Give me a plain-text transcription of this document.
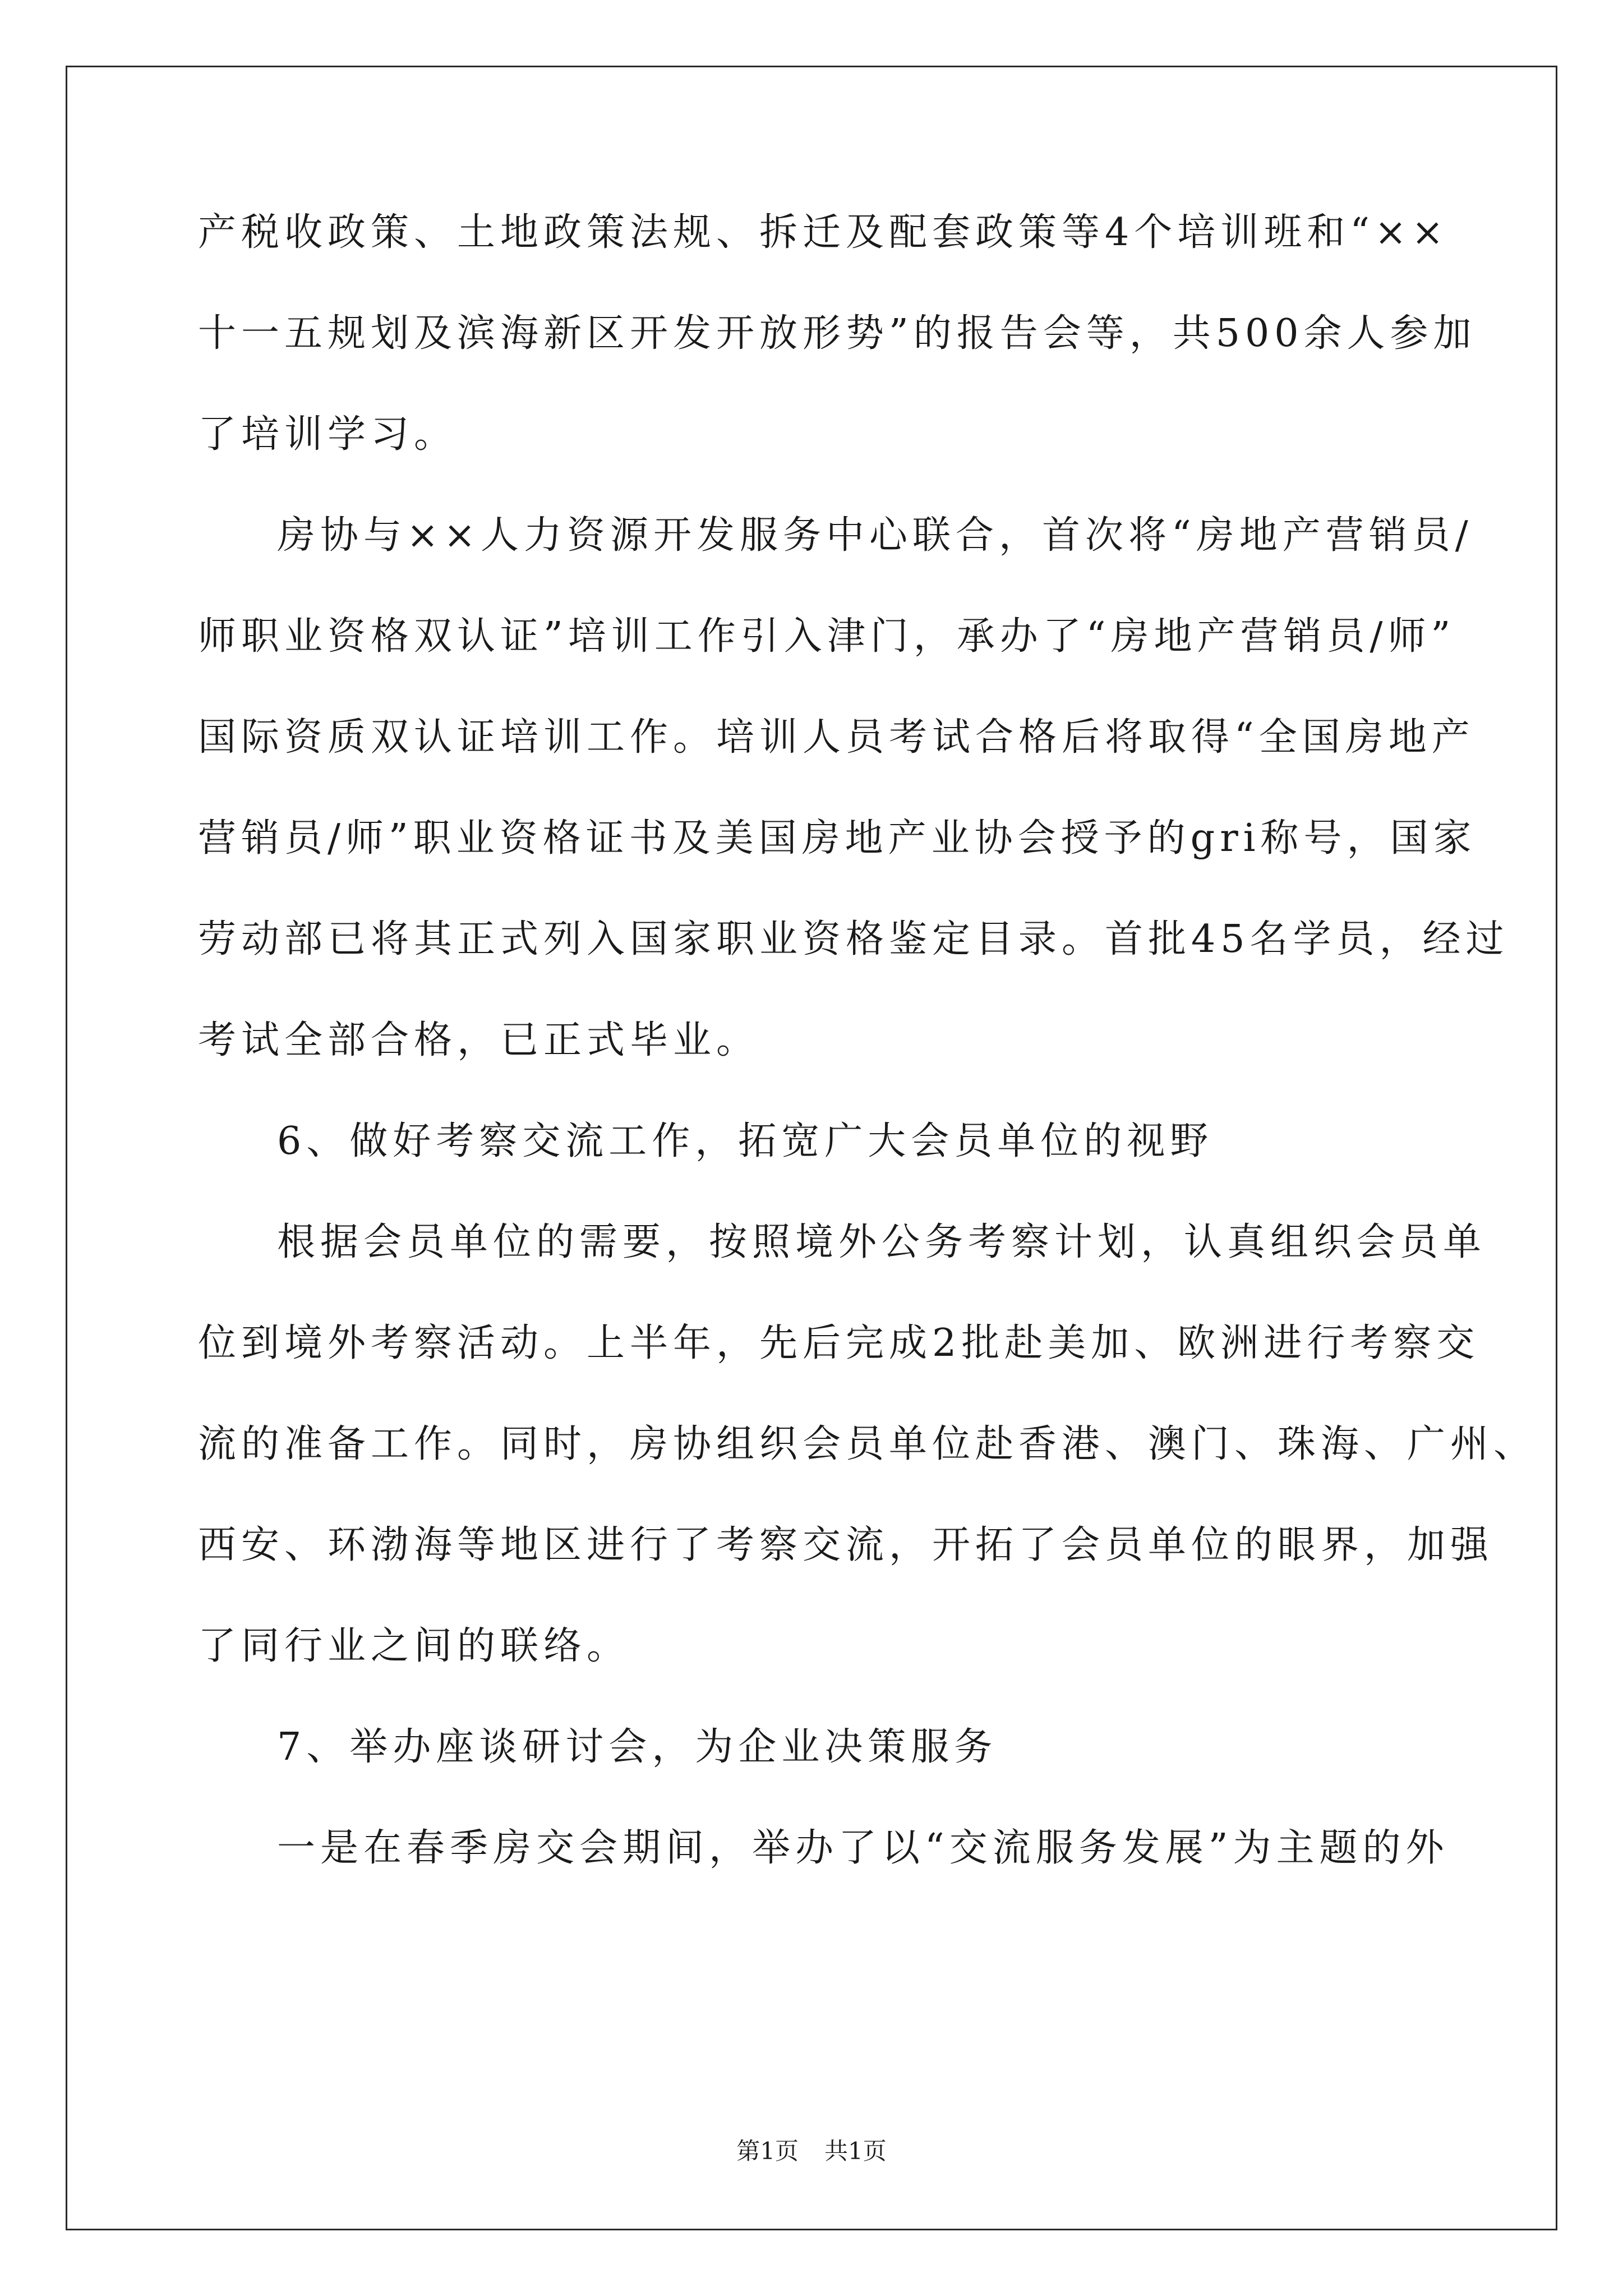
产税收政策、土地政策法规、拆迁及配套政策等4个培训班和“××
十一五规划及滨海新区开发开放形势”的报告会等，共500余人参加
了培训学习。
房协与××人力资源开发服务中心联合，首次将“房地产营销员/
师职业资格双认证”培训工作引入津门，承办了“房地产营销员/师”
国际资质双认证培训工作。培训人员考试合格后将取得“全国房地产
营销员/师”职业资格证书及美国房地产业协会授予的gri称号，国家
劳动部已将其正式列入国家职业资格鉴定目录。首批45名学员，经过
考试全部合格，已正式毕业。
6、做好考察交流工作，拓宽广大会员单位的视野
根据会员单位的需要，按照境外公务考察计划，认真组织会员单
位到境外考察活动。上半年，先后完成2批赴美加、欧洲进行考察交
流的准备工作。同时，房协组织会员单位赴香港、澳门、珠海、广州、
西安、环渤海等地区进行了考察交流，开拓了会员单位的眼界，加强
了同行业之间的联络。
7、举办座谈研讨会，为企业决策服务
一是在春季房交会期间，举办了以“交流服务发展”为主题的外
第1页 共1页
